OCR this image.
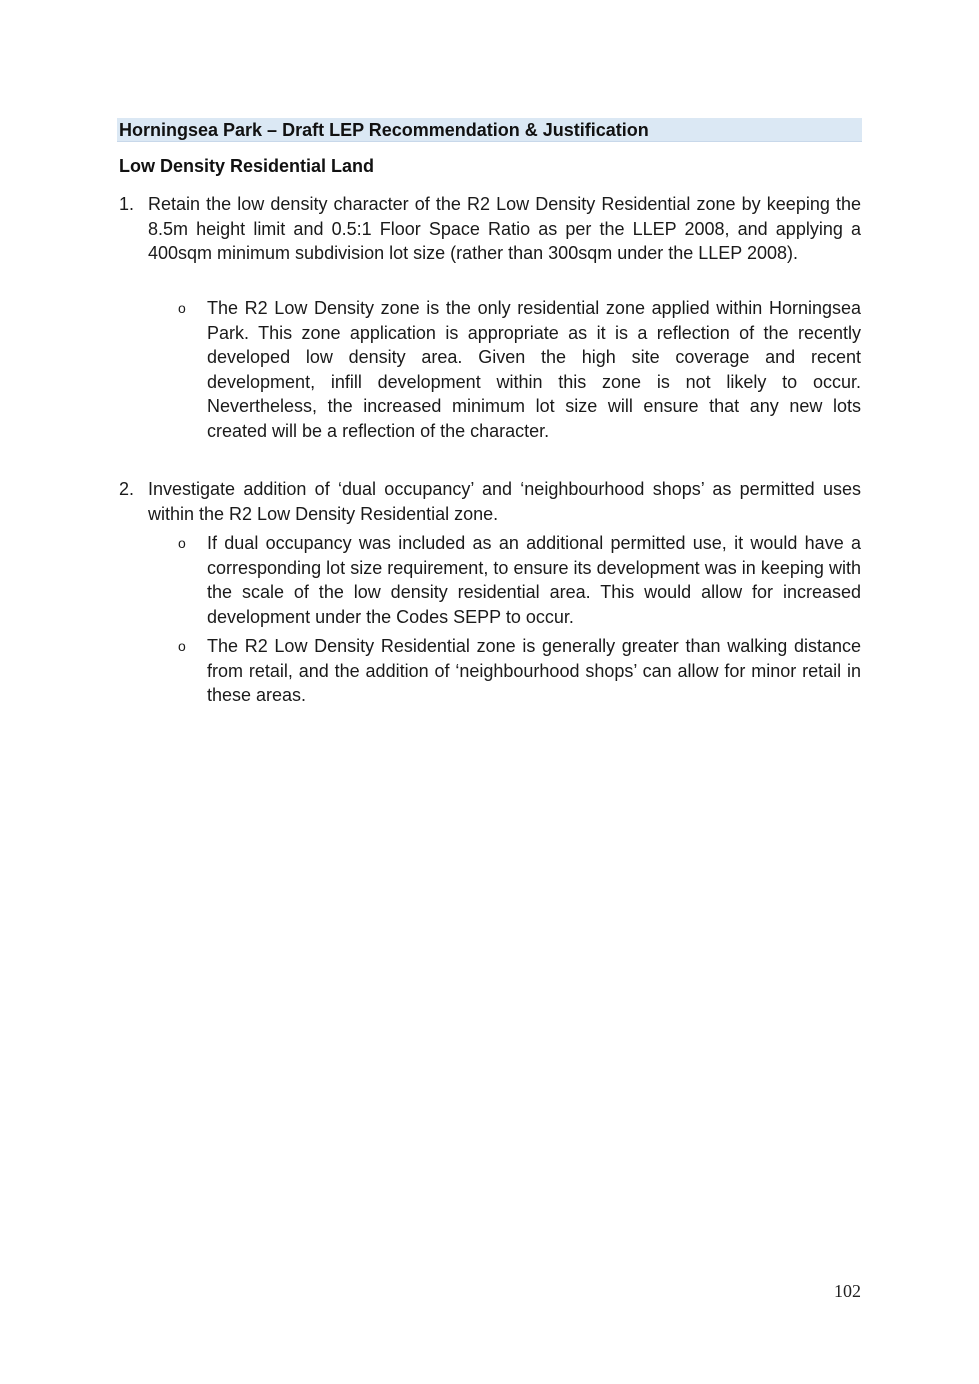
Horningsea Park – Draft LEP Recommendation & Justification
Low Density Residential Land
1. Retain the low density character of the R2 Low Density Residential zone by keeping the 8.5m height limit and 0.5:1 Floor Space Ratio as per the LLEP 2008, and applying a 400sqm minimum subdivision lot size (rather than 300sqm under the LLEP 2008).
o The R2 Low Density zone is the only residential zone applied within Horningsea Park. This zone application is appropriate as it is a reflection of the recently developed low density area. Given the high site coverage and recent development, infill development within this zone is not likely to occur. Nevertheless, the increased minimum lot size will ensure that any new lots created will be a reflection of the character.
2. Investigate addition of ‘dual occupancy’ and ‘neighbourhood shops’ as permitted uses within the R2 Low Density Residential zone.
o If dual occupancy was included as an additional permitted use, it would have a corresponding lot size requirement, to ensure its development was in keeping with the scale of the low density residential area. This would allow for increased development under the Codes SEPP to occur.
o The R2 Low Density Residential zone is generally greater than walking distance from retail, and the addition of ‘neighbourhood shops’ can allow for minor retail in these areas.
102
